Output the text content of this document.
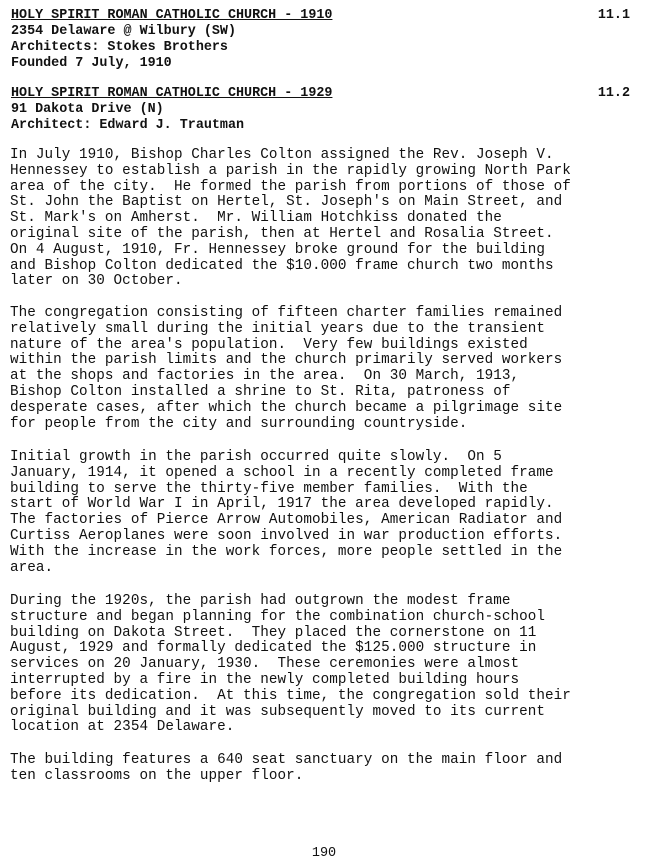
HOLY SPIRIT ROMAN CATHOLIC CHURCH - 1910	11.1
2354 Delaware @ Wilbury (SW)
Architects: Stokes Brothers
Founded 7 July, 1910
HOLY SPIRIT ROMAN CATHOLIC CHURCH - 1929	11.2
91 Dakota Drive (N)
Architect: Edward J. Trautman
In July 1910, Bishop Charles Colton assigned the Rev. Joseph V.
Hennessey to establish a parish in the rapidly growing North Park
area of the city.  He formed the parish from portions of those of
St. John the Baptist on Hertel, St. Joseph's on Main Street, and
St. Mark's on Amherst.  Mr. William Hotchkiss donated the
original site of the parish, then at Hertel and Rosalia Street.
On 4 August, 1910, Fr. Hennessey broke ground for the building
and Bishop Colton dedicated the $10.000 frame church two months
later on 30 October.
The congregation consisting of fifteen charter families remained
relatively small during the initial years due to the transient
nature of the area's population.  Very few buildings existed
within the parish limits and the church primarily served workers
at the shops and factories in the area.  On 30 March, 1913,
Bishop Colton installed a shrine to St. Rita, patroness of
desperate cases, after which the church became a pilgrimage site
for people from the city and surrounding countryside.
Initial growth in the parish occurred quite slowly.  On 5
January, 1914, it opened a school in a recently completed frame
building to serve the thirty-five member families.  With the
start of World War I in April, 1917 the area developed rapidly.
The factories of Pierce Arrow Automobiles, American Radiator and
Curtiss Aeroplanes were soon involved in war production efforts.
With the increase in the work forces, more people settled in the
area.
During the 1920s, the parish had outgrown the modest frame
structure and began planning for the combination church-school
building on Dakota Street.  They placed the cornerstone on 11
August, 1929 and formally dedicated the $125.000 structure in
services on 20 January, 1930.  These ceremonies were almost
interrupted by a fire in the newly completed building hours
before its dedication.  At this time, the congregation sold their
original building and it was subsequently moved to its current
location at 2354 Delaware.
The building features a 640 seat sanctuary on the main floor and
ten classrooms on the upper floor.
190
